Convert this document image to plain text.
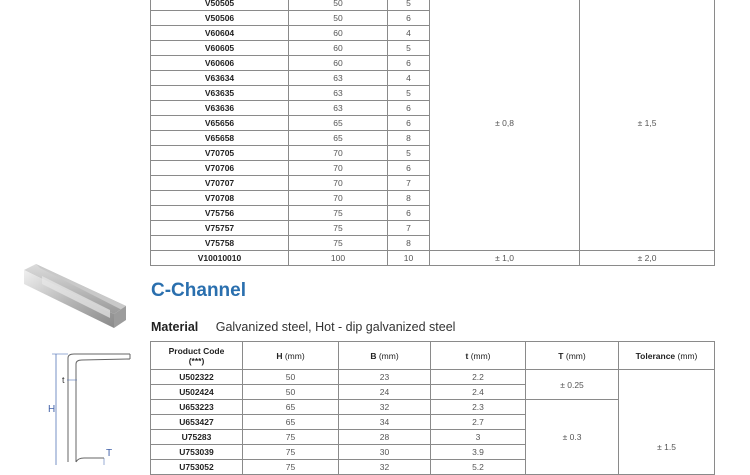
V50505	50	5	± 0,8	± 1,5
V50506	50	6		
V60604	60	4		
V60605	60	5		
V60606	60	6		
V63634	63	4		
V63635	63	5		
V63636	63	6		
V65656	65	6		
V65658	65	8		
V70705	70	5		
V70706	70	6		
V70707	70	7		
V70708	70	8		
V75756	75	6		
V75757	75	7		
V75758	75	8		
V10010010	100	10	± 1,0	± 2,0
C-Channel
Material Galvanized steel, Hot - dip galvanized steel
H
t
T
Product Code
(***)	H (mm)	B (mm)	t (mm)	T (mm)	Tolerance (mm)
U502322	50	23	2.2	± 0.25	± 1.5
U502424	50	24	2.4		
U653223	65	32	2.3	± 0.3	
U653427	65	34	2.7		
U75283	75	28	3		
U753039	75	30	3.9		
U753052	75	32	5.2		
